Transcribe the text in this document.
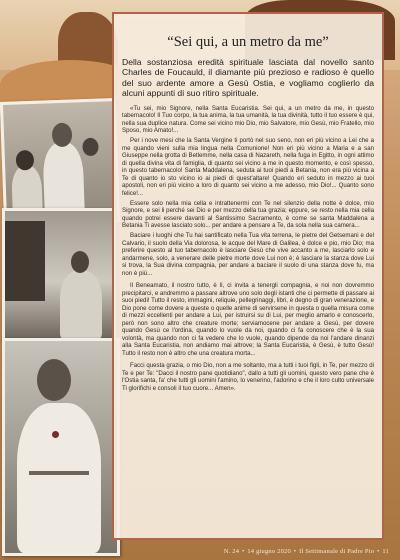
“Sei qui, a un metro da me”

Della sostanziosa eredità spirituale lasciata dal novello santo Charles de Foucauld, il diamante più prezioso e radioso è quello del suo ardente amore a Gesù Ostia, e vogliamo coglierlo da alcuni appunti di suo ritiro spirituale.

«Tu sei, mio Signore, nella Santa Eucaristia. Sei qui, a un metro da me, in questo tabernacolo! Il Tuo corpo, la tua anima, la tua umanità, la tua divinità, tutto il tuo essere è qui, nella sua duplice natura. Come sei vicino mio Dio, mio Salvatore, mio Gesù, mio Fratello, mio Sposo, mio Amato!...

Per i nove mesi che la Santa Vergine ti portò nel suo seno, non eri più vicino a Lei che a me quando vieni sulla mia lingua nella Comunione! Non eri più vicino a Maria e a san Giuseppe nella grotta di Betlemme, nella casa di Nazareth, nella fuga in Egitto, in ogni attimo di quella divina vita di famiglia, di quanto sei vicino a me in questo momento, e così spesso, in questo tabernacolo! Santa Maddalena, seduta ai tuoi piedi a Betania, non era più vicina a Te di quanto io sto vicino io ai piedi di quest'altare! Quando eri seduto in mezzo ai tuoi apostoli, non eri più vicino a loro di quanto sei vicino a me adesso, mio Dio!... Quanto sono felice!...

Essere solo nella mia cella e intrattenermi con Te nel silenzio della notte è dolce, mio Signore, e sei li perché sei Dio e per mezzo della tua grazia; eppure, se resto nella mia cella quando potrei essere davanti al Santissimo Sacramento, è come se santa Maddalena a Betania Ti avesse lasciato solo... per andare a pensare a Te, da sola nella sua camera...

Baciare i luoghi che Tu hai santificato nella Tua vita terrena, le pietre del Getsemani e del Calvario, il suolo della Via dolorosa, le acque del Mare di Galilea, è dolce e pio, mio Dio; ma preferire questo al tuo tabernacolo è lasciare Gesù che vive accanto a me, lasciarlo solo e andarmene, solo, a venerare delle pietre morte dove Lui non è; è lasciare la stanza dove Lui si trova, la Sua divina compagnia, per andare a baciare il suolo di una stanza dove fu, ma non è più...

Il Beneamato, il nostro tutto, è lì, ci invita a tenergli compagnia, e noi non dovremmo precipitarci, e andremmo a passare altrove uno solo degli istanti che ci permette di passare ai suoi piedi! Tutto il resto, immagini, reliquie, pellegrinaggi, libri, è degno di gran venerazione, e Dio pone come dovere a queste o quelle anime di servirsene in questa o quella misura come di mezzi eccellenti per andare a Lui, per istruirsi su di Lui, per meglio amarlo e conoscerlo, però non sono altro che creature morte; serviamocene per andare a Gesù, per dovere quando Gesù ce l'ordina, quando lo vuole da noi, quando ci fa conoscere che è la sua volontà, ma quando non ci fa vedere che lo vuole, quando dipende da noi l'andare dinanzi alla Santa Eucaristia, non andiamo mai altrove; la Santa Eucaristia, è Gesù, è tutto Gesù! Tutto il resto non è altro che una creatura morta...

Facci questa grazia, o mio Dio, non a me soltanto, ma a tutti i tuoi figli, in Te, per mezzo di Te e per Te: "Dacci il nostro pane quotidiano", dallo a tutti gli uomini, questo vero pane che è l'Ostia santa, fa' che tutti gli uomini l'amino, lo venerino, l'adorino e che il loro culto universale Ti glorifichi e consoli il tuo cuore... Amen».

N. 24 • 14 giugno 2020 • Il Settimanale di Padre Pio • 11
